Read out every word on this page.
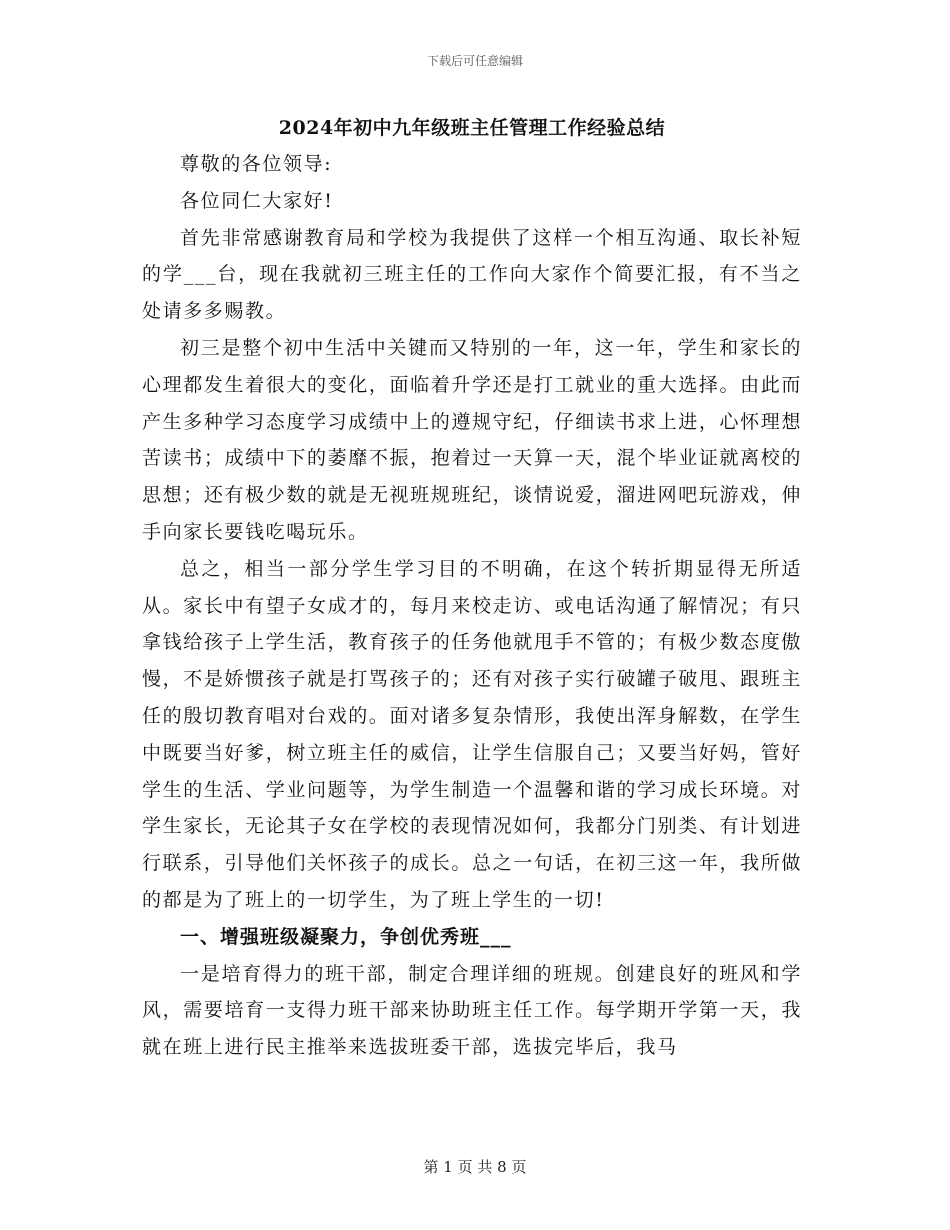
下载后可任意编辑
2024年初中九年级班主任管理工作经验总结

尊敬的各位领导:

各位同仁大家好!

首先非常感谢教育局和学校为我提供了这样一个相互沟通、取长补短的学___台，现在我就初三班主任的工作向大家作个简要汇报，有不当之处请多多赐教。

初三是整个初中生活中关键而又特别的一年，这一年，学生和家长的心理都发生着很大的变化，面临着升学还是打工就业的重大选择。由此而产生多种学习态度学习成绩中上的遵规守纪，仔细读书求上进，心怀理想苦读书；成绩中下的萎靡不振，抱着过一天算一天，混个毕业证就离校的思想；还有极少数的就是无视班规班纪，谈情说爱，溜进网吧玩游戏，伸手向家长要钱吃喝玩乐。

总之，相当一部分学生学习目的不明确，在这个转折期显得无所适从。家长中有望子女成才的，每月来校走访、或电话沟通了解情况；有只拿钱给孩子上学生活，教育孩子的任务他就甩手不管的；有极少数态度傲慢，不是娇惯孩子就是打骂孩子的；还有对孩子实行破罐子破甩、跟班主任的殷切教育唱对台戏的。面对诸多复杂情形，我使出浑身解数，在学生中既要当好爹，树立班主任的威信，让学生信服自己；又要当好妈，管好学生的生活、学业问题等，为学生制造一个温馨和谐的学习成长环境。对学生家长，无论其子女在学校的表现情况如何，我都分门别类、有计划进行联系，引导他们关怀孩子的成长。总之一句话，在初三这一年，我所做的都是为了班上的一切学生，为了班上学生的一切!

一、增强班级凝聚力，争创优秀班___

一是培育得力的班干部，制定合理详细的班规。创建良好的班风和学风，需要培育一支得力班干部来协助班主任工作。每学期开学第一天，我就在班上进行民主推举来选拔班委干部，选拔完毕后，我马

第 1 页 共 8 页
